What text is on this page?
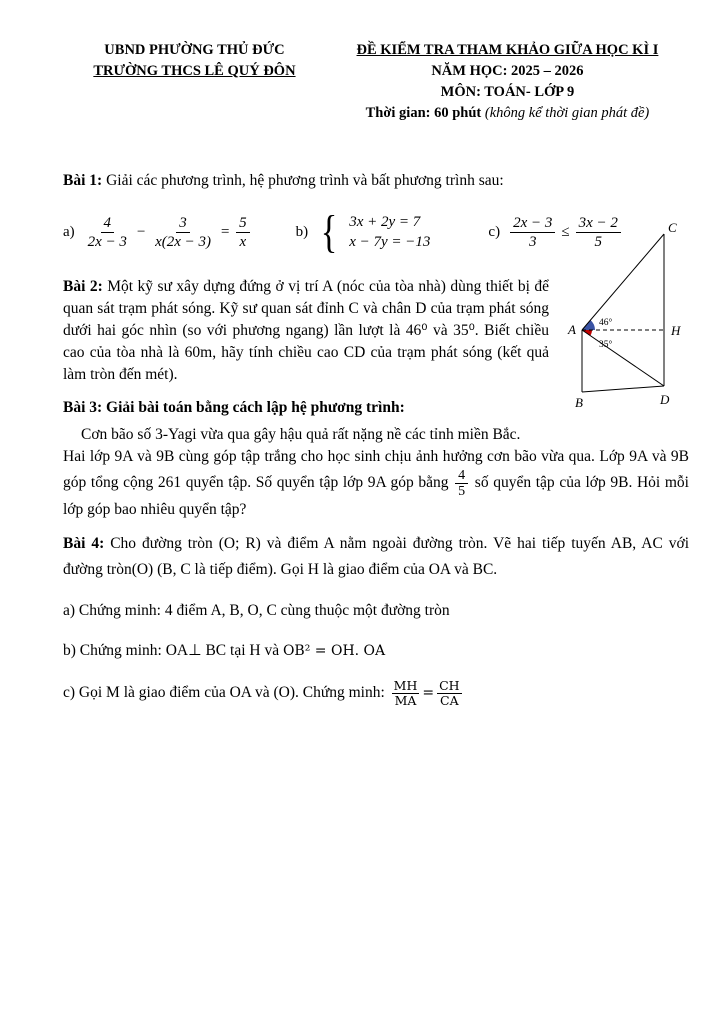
UBND PHƯỜNG THỦ ĐỨC
TRƯỜNG THCS LÊ QUÝ ĐÔN
ĐỀ KIỂM TRA THAM KHẢO GIỮA HỌC KÌ I
NĂM HỌC: 2025 – 2026
MÔN: TOÁN- LỚP 9
Thời gian: 60 phút (không kể thời gian phát đề)

Bài 1: Giải các phương trình, hệ phương trình và bất phương trình sau:

$a) \frac{4}{2x - 3} - \frac{3}{x(2x - 3)} = \frac{5}{x}$	b) { 3x + 2y = 7
x − 7y = −13
$c) \frac{2x - 3}{3} \le \frac{3x - 2}{5}$

Bài 2: Một kỹ sư xây dựng đứng ở vị trí A (nóc của tòa nhà) dùng thiết bị để quan sát trạm phát sóng. Kỹ sư quan sát đỉnh C và chân D của trạm phát sóng dưới hai góc nhìn (so với phương ngang) lần lượt là 46⁰ và 35⁰. Biết chiều cao của tòa nhà là 60m, hãy tính chiều cao CD của trạm phát sóng (kết quả làm tròn đến mét).

Bài 3: Giải bài toán bằng cách lập hệ phương trình:

Cơn bão số 3-Yagi vừa qua gây hậu quả rất nặng nề các tỉnh miền Bắc.
Hai lớp 9A và 9B cùng góp tập trắng cho học sinh chịu ảnh hưởng cơn bão vừa qua. Lớp 9A và 9B góp tổng cộng 261 quyển tập. Số quyển tập lớp 9A góp bằng $\frac{4}{5}$ số quyển tập của lớp 9B. Hỏi mỗi lớp góp bao nhiêu quyển tập?

Bài 4: Cho đường tròn (O; R) và điểm A nằm ngoài đường tròn. Vẽ hai tiếp tuyến AB, AC với đường tròn(O) (B, C là tiếp điểm). Gọi H là giao điểm của OA và BC.

a) Chứng minh: 4 điểm A, B, O, C cùng thuộc một đường tròn

b) Chứng minh: OA⊥ BC tại H và OB² = OH. OA

c) Gọi M là giao điểm của OA và (O). Chứng minh: $\frac{MH}{MA} = \frac{CH}{CA}$

C
A	H
B	D
46°
35°
